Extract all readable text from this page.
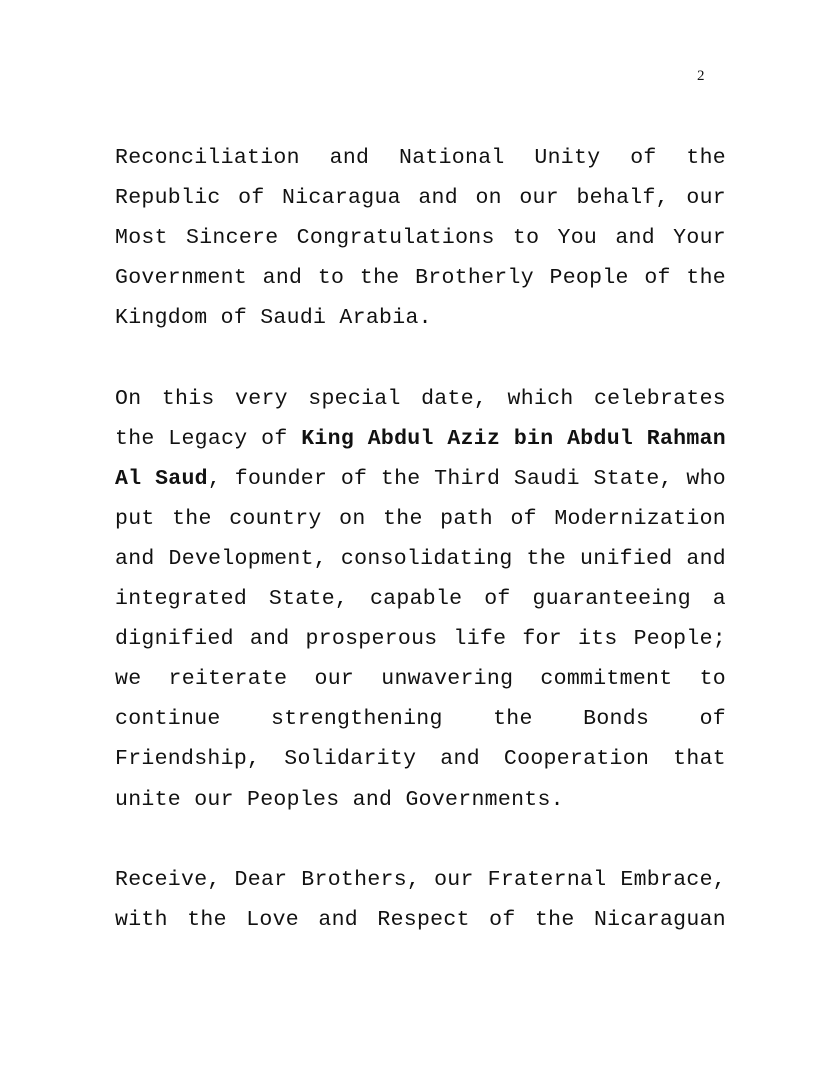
2

Reconciliation and National Unity of the Republic of Nicaragua and on our behalf, our Most Sincere Congratulations to You and Your Government and to the Brotherly People of the Kingdom of Saudi Arabia.

On this very special date, which celebrates the Legacy of King Abdul Aziz bin Abdul Rahman Al Saud, founder of the Third Saudi State, who put the country on the path of Modernization and Development, consolidating the unified and integrated State, capable of guaranteeing a dignified and prosperous life for its People; we reiterate our unwavering commitment to continue strengthening the Bonds of Friendship, Solidarity and Cooperation that unite our Peoples and Governments.

Receive, Dear Brothers, our Fraternal Embrace, with the Love and Respect of the Nicaraguan
